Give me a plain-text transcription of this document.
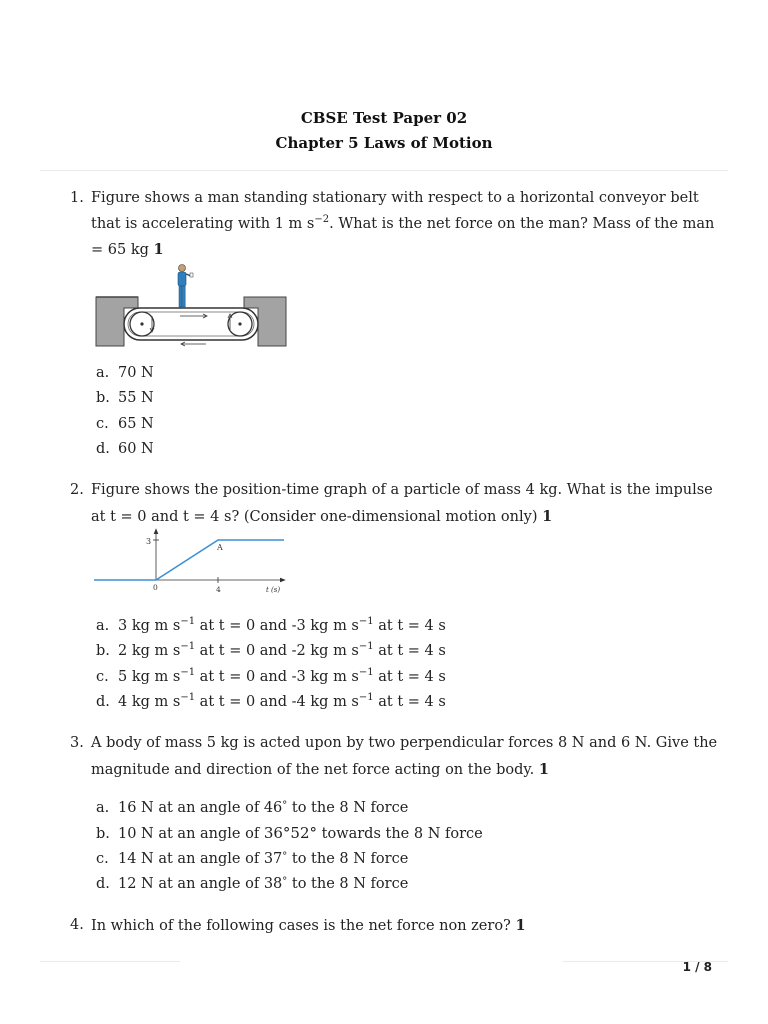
CBSE Test Paper 02
Chapter 5 Laws of Motion
1. Figure shows a man standing stationary with respect to a horizontal conveyor belt that is accelerating with 1 m $s^{-2}$. What is the net force on the man? Mass of the man = 65 kg 1
a. 70 N
b. 55 N
c. 65 N
d. 60 N
2. Figure shows the position-time graph of a particle of mass 4 kg. What is the impulse at t = 0 and t = 4 s? (Consider one-dimensional motion only) 1
3
0	4
A
t (s)
a. 3 kg m $s^{-1}$ at t = 0 and -3 kg m $s^{-1}$ at t = 4 s
b. 2 kg m $s^{-1}$ at t = 0 and -2 kg m $s^{-1}$ at t = 4 s
c. 5 kg m $s^{-1}$ at t = 0 and -3 kg m $s^{-1}$ at t = 4 s
d. 4 kg m $s^{-1}$ at t = 0 and -4 kg m $s^{-1}$ at t = 4 s
3. A body of mass 5 kg is acted upon by two perpendicular forces 8 N and 6 N. Give the magnitude and direction of the net force acting on the body. 1
a. 16 N at an angle of 46° to the 8 N force
b. 10 N at an angle of 36°52° towards the 8 N force
c. 14 N at an angle of 37° to the 8 N force
d. 12 N at an angle of 38° to the 8 N force
4. In which of the following cases is the net force non zero? 1
1 / 8
